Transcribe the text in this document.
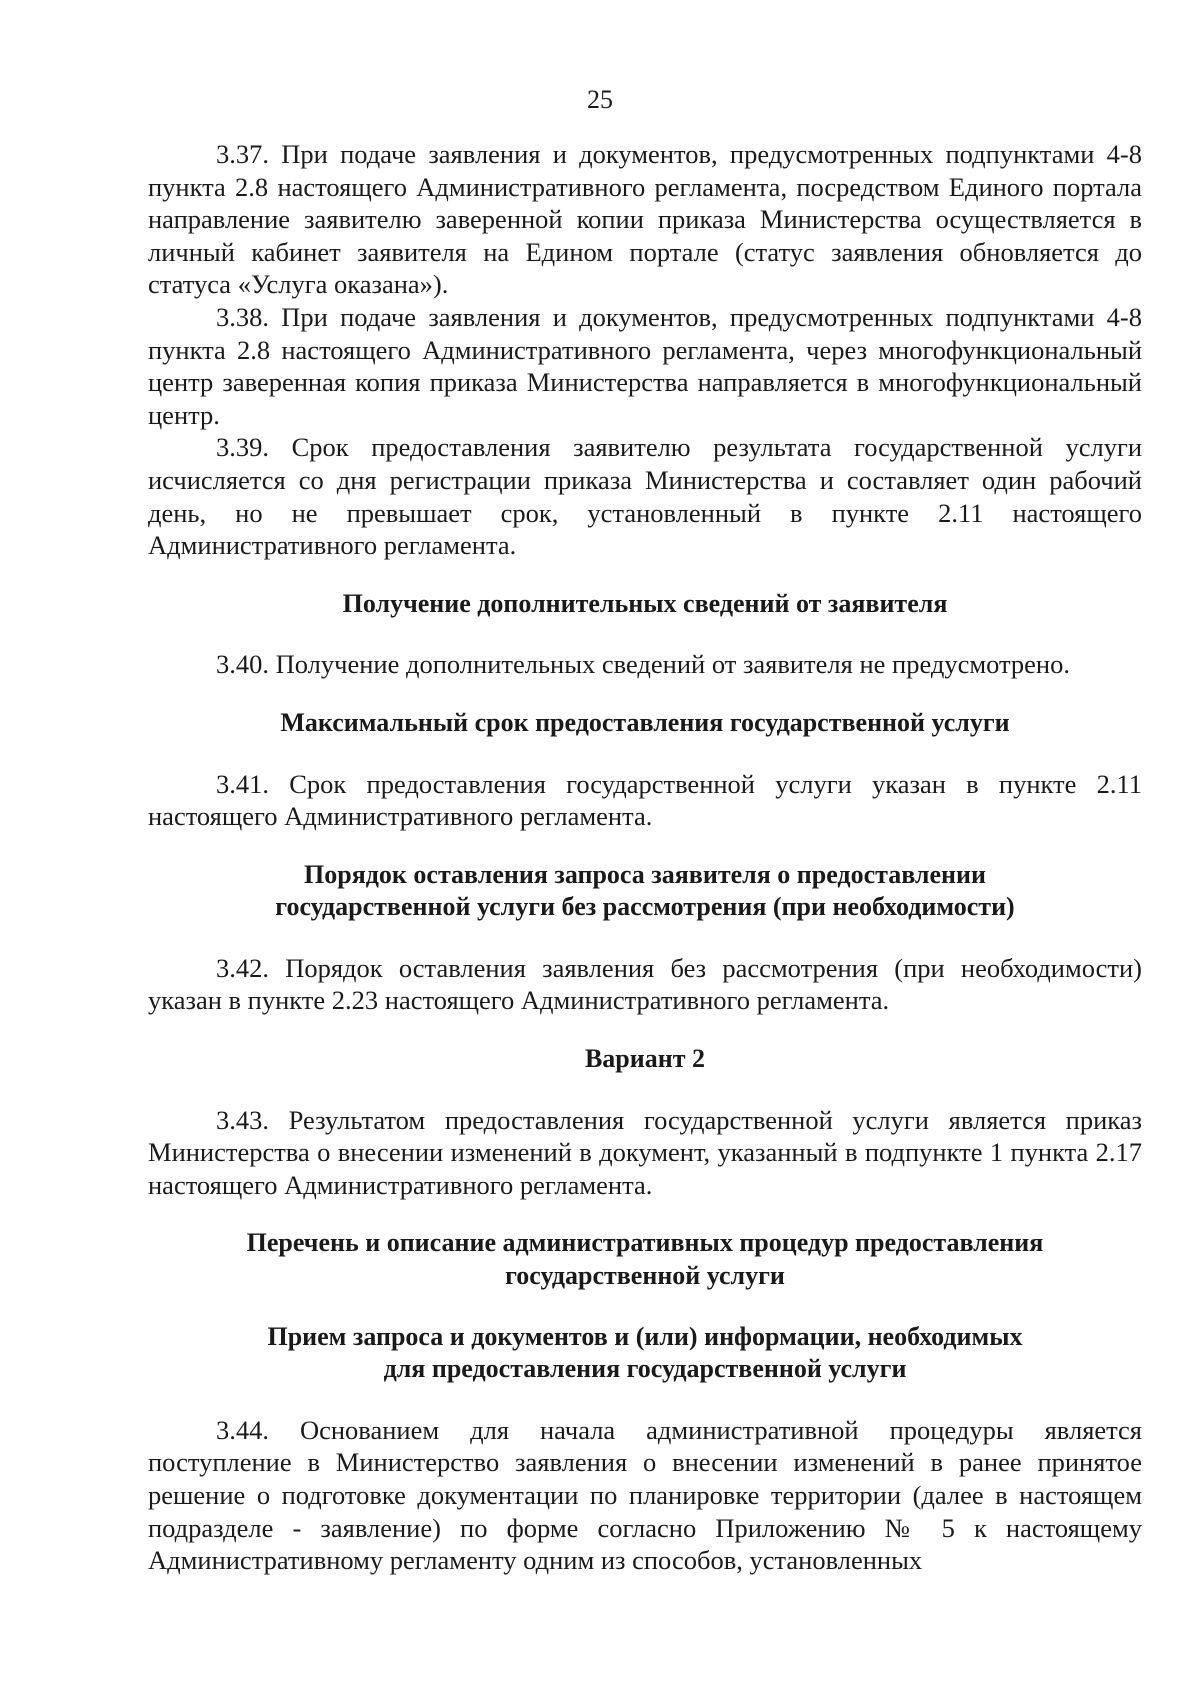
25

3.37. При подаче заявления и документов, предусмотренных подпунктами 4-8 пункта 2.8 настоящего Административного регламента, посредством Единого портала направление заявителю заверенной копии приказа Министерства осуществляется в личный кабинет заявителя на Едином портале (статус заявления обновляется до статуса «Услуга оказана»).

3.38. При подаче заявления и документов, предусмотренных подпунктами 4-8 пункта 2.8 настоящего Административного регламента, через многофункциональный центр заверенная копия приказа Министерства направляется в многофункциональный центр.

3.39. Срок предоставления заявителю результата государственной услуги исчисляется со дня регистрации приказа Министерства и составляет один рабочий день, но не превышает срок, установленный в пункте 2.11 настоящего Административного регламента.

Получение дополнительных сведений от заявителя

3.40. Получение дополнительных сведений от заявителя не предусмотрено.

Максимальный срок предоставления государственной услуги

3.41. Срок предоставления государственной услуги указан в пункте 2.11 настоящего Административного регламента.

Порядок оставления запроса заявителя о предоставлении
государственной услуги без рассмотрения (при необходимости)

3.42. Порядок оставления заявления без рассмотрения (при необходимости) указан в пункте 2.23 настоящего Административного регламента.

Вариант 2

3.43. Результатом предоставления государственной услуги является приказ Министерства о внесении изменений в документ, указанный в подпункте 1 пункта 2.17 настоящего Административного регламента.

Перечень и описание административных процедур предоставления
государственной услуги
Прием запроса и документов и (или) информации, необходимых
для предоставления государственной услуги

3.44. Основанием для начала административной процедуры является поступление в Министерство заявления о внесении изменений в ранее принятое решение о подготовке документации по планировке территории (далее в настоящем подразделе - заявление) по форме согласно Приложению № 5 к настоящему Административному регламенту одним из способов, установленных
